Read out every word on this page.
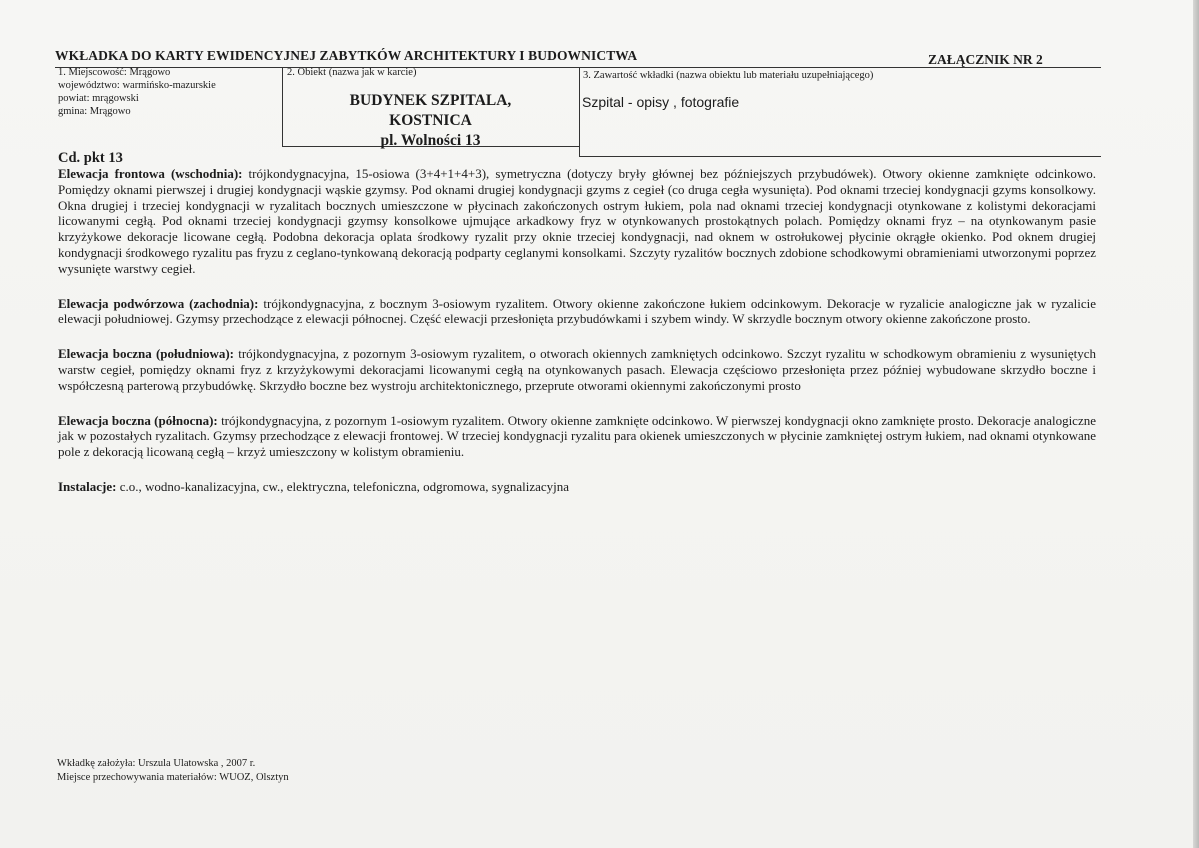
WKŁADKA DO KARTY EWIDENCYJNEJ ZABYTKÓW ARCHITEKTURY I BUDOWNICTWA	ZAŁĄCZNIK NR 2
1. Miejscowość: Mrągowo
województwo: warmińsko-mazurskie
powiat: mrągowski
gmina: Mrągowo
2. Obiekt (nazwa jak w karcie)
BUDYNEK SZPITALA,
KOSTNICA
pl. Wolności 13
3. Zawartość wkładki (nazwa obiektu lub materiału uzupełniającego)
Szpital - opisy , fotografie
Cd. pkt 13

Elewacja frontowa (wschodnia): trójkondygnacyjna, 15-osiowa (3+4+1+4+3), symetryczna (dotyczy bryły głównej bez późniejszych przybudówek). Otwory okienne zamknięte odcinkowo. Pomiędzy oknami pierwszej i drugiej kondygnacji wąskie gzymsy. Pod oknami drugiej kondygnacji gzyms z cegieł (co druga cegła wysunięta). Pod oknami trzeciej kondygnacji gzyms konsolkowy. Okna drugiej i trzeciej kondygnacji w ryzalitach bocznych umieszczone w płycinach zakończonych ostrym łukiem, pola nad oknami trzeciej kondygnacji otynkowane z kolistymi dekoracjami licowanymi cegłą. Pod oknami trzeciej kondygnacji gzymsy konsolkowe ujmujące arkadkowy fryz w otynkowanych prostokątnych polach. Pomiędzy oknami fryz – na otynkowanym pasie krzyżykowe dekoracje licowane cegłą. Podobna dekoracja oplata środkowy ryzalit przy oknie trzeciej kondygnacji, nad oknem w ostrołukowej płycinie okrągłe okienko. Pod oknem drugiej kondygnacji środkowego ryzalitu pas fryzu z ceglano-tynkowaną dekoracją podparty ceglanymi konsolkami. Szczyty ryzalitów bocznych zdobione schodkowymi obramieniami utworzonymi poprzez wysunięte warstwy cegieł.

Elewacja podwórzowa (zachodnia): trójkondygnacyjna, z bocznym 3-osiowym ryzalitem. Otwory okienne zakończone łukiem odcinkowym. Dekoracje w ryzalicie analogiczne jak w ryzalicie elewacji południowej. Gzymsy przechodzące z elewacji północnej. Część elewacji przesłonięta przybudówkami i szybem windy. W skrzydle bocznym otwory okienne zakończone prosto.

Elewacja boczna (południowa): trójkondygnacyjna, z pozornym 3-osiowym ryzalitem, o otworach okiennych zamkniętych odcinkowo. Szczyt ryzalitu w schodkowym obramieniu z wysuniętych warstw cegieł, pomiędzy oknami fryz z krzyżykowymi dekoracjami licowanymi cegłą na otynkowanych pasach. Elewacja częściowo przesłonięta przez później wybudowane skrzydło boczne i współczesną parterową przybudówkę. Skrzydło boczne bez wystroju architektonicznego, przeprute otworami okiennymi zakończonymi prosto

Elewacja boczna (północna): trójkondygnacyjna, z pozornym 1-osiowym ryzalitem. Otwory okienne zamknięte odcinkowo. W pierwszej kondygnacji okno zamknięte prosto. Dekoracje analogiczne jak w pozostałych ryzalitach. Gzymsy przechodzące z elewacji frontowej. W trzeciej kondygnacji ryzalitu para okienek umieszczonych w płycinie zamkniętej ostrym łukiem, nad oknami otynkowane pole z dekoracją licowaną cegłą – krzyż umieszczony w kolistym obramieniu.

Instalacje: c.o., wodno-kanalizacyjna, cw., elektryczna, telefoniczna, odgromowa, sygnalizacyjna

Wkładkę założyła: Urszula Ulatowska , 2007 r.
Miejsce przechowywania materiałów: WUOZ, Olsztyn
